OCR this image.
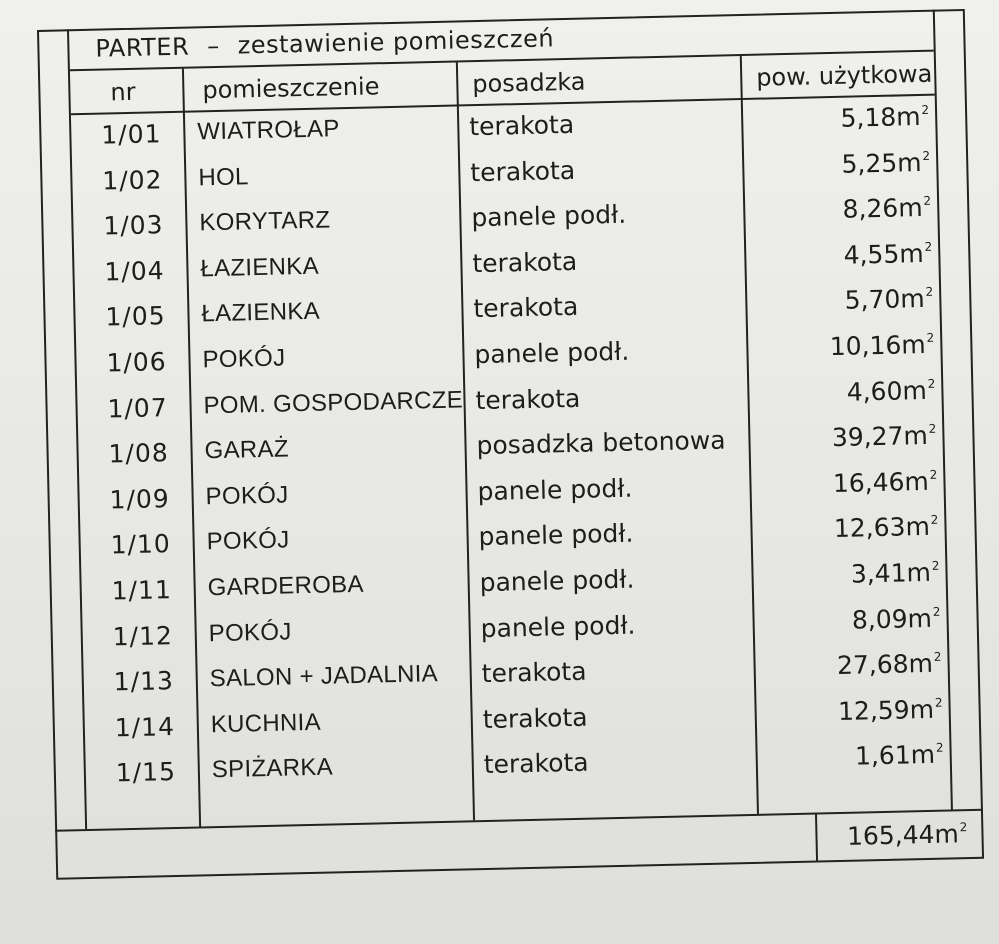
PARTER – zestawienie pomieszczeń
nr	pomieszczenie	posadzka	pow. użytkowa
1/01	WIATROŁAP	terakota	$5,18m^2$
1/02	HOL	terakota	$5,25m^2$
1/03	KORYTARZ	panele podł.	$8,26m^2$
1/04	ŁAZIENKA	terakota	$4,55m^2$
1/05	ŁAZIENKA	terakota	$5,70m^2$
1/06	POKÓJ	panele podł.	$10,16m^2$
1/07	POM. GOSPODARCZE terakota	$4,60m^2$
1/08	GARAŻ	posadzka betonowa	$39,27m^2$
1/09	POKÓJ	panele podł.	$16,46m^2$
1/10	POKÓJ	panele podł.	$12,63m^2$
1/11	GARDEROBA	panele podł.	$3,41m^2$
1/12	POKÓJ	panele podł.	$8,09m^2$
1/13	SALON + JADALNIA terakota	$27,68m^2$
1/14	KUCHNIA	terakota	$12,59m^2$
1/15	SPIŻARKA	terakota	$1,61m^2$
$165,44m^2$
